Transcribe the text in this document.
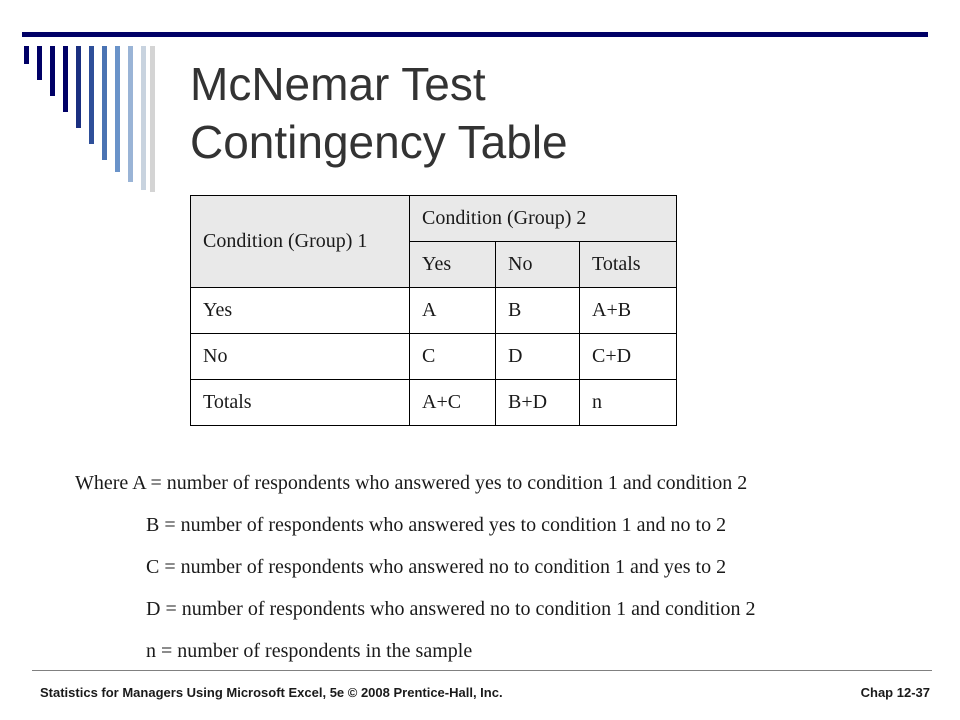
McNemar Test
Contingency Table
Condition (Group) 1	Condition (Group) 2		
	Yes	No	Totals
Yes	A	B	A+B
No	C	D	C+D
Totals	A+C	B+D	n
Where A = number of respondents who answered yes to condition 1 and condition 2
B = number of respondents who answered yes to condition 1 and no to 2
C = number of respondents who answered no to condition 1 and yes to 2
D = number of respondents who answered no to condition 1 and condition 2
n = number of respondents in the sample
Statistics for Managers Using Microsoft Excel, 5e © 2008 Prentice-Hall, Inc.	Chap 12-37
